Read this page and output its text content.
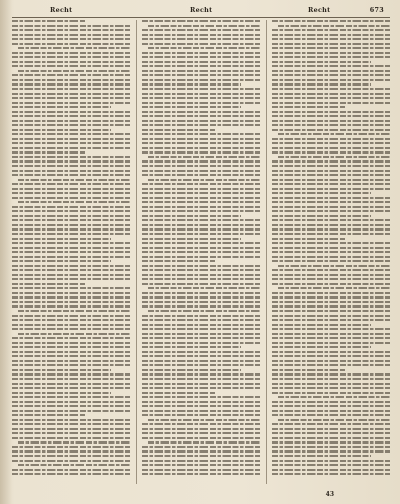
Recht	Recht	Recht	673
43
